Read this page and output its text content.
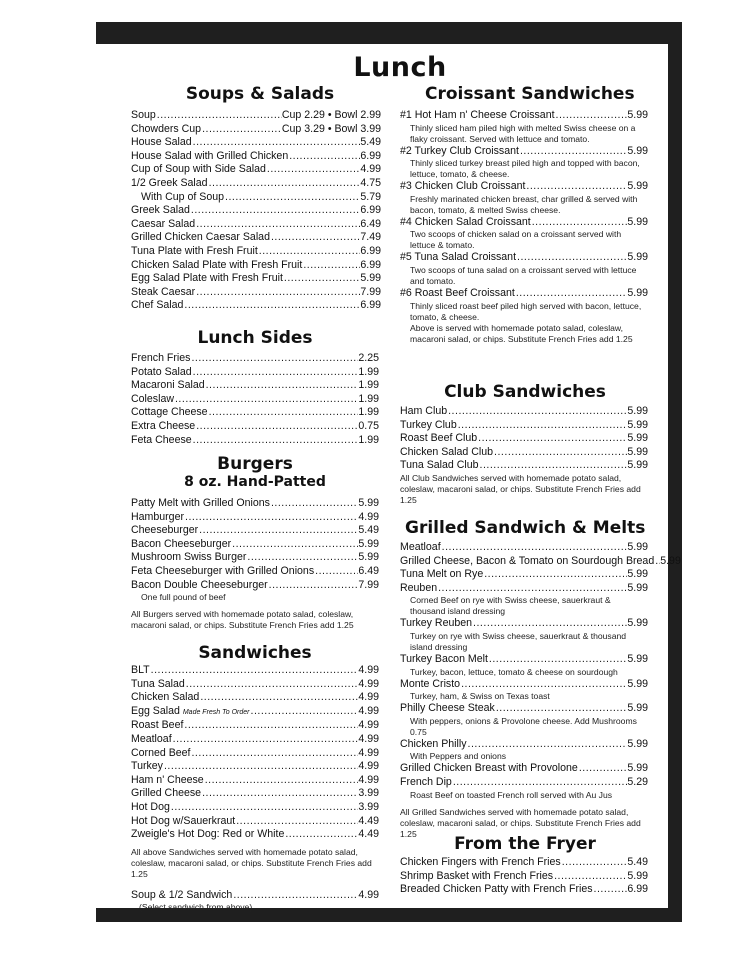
Lunch
Soups & Salads
Soup .....	Cup 2.29 • Bowl 2.99
Chowders Cup .....	Cup 3.29 • Bowl 3.99
House Salad .....	5.49
House Salad with Grilled Chicken .....	6.99
Cup of Soup with Side Salad .....	4.99
1/2 Greek Salad .....	4.75
With Cup of Soup .....	5.79
Greek Salad .....	6.99
Caesar Salad .....	6.49
Grilled Chicken Caesar Salad .....	7.49
Tuna Plate with Fresh Fruit .....	6.99
Chicken Salad Plate with Fresh Fruit .....	6.99
Egg Salad Plate with Fresh Fruit .....	5.99
Steak Caesar .....	7.99
Chef Salad .....	6.99
Lunch Sides
French Fries .....	2.25
Potato Salad .....	1.99
Macaroni Salad .....	1.99
Coleslaw .....	1.99
Cottage Cheese .....	1.99
Extra Cheese .....	0.75
Feta Cheese .....	1.99
Burgers
8 oz. Hand-Patted
Patty Melt with Grilled Onions .....	5.99
Hamburger .....	4.99
Cheeseburger .....	5.49
Bacon Cheeseburger .....	5.99
Mushroom Swiss Burger .....	5.99
Feta Cheeseburger with Grilled Onions .....	6.49
Bacon Double Cheeseburger .....	7.99
One full pound of beef
All Burgers served with homemade potato salad, coleslaw, macaroni salad, or chips. Substitute French Fries add 1.25
Sandwiches
BLT .....	4.99
Tuna Salad .....	4.99
Chicken Salad .....	4.99
Egg Salad Made Fresh To Order .....	4.99
Roast Beef .....	4.99
Meatloaf .....	4.99
Corned Beef .....	4.99
Turkey .....	4.99
Ham n' Cheese .....	4.99
Grilled Cheese .....	3.99
Hot Dog .....	3.99
Hot Dog w/Sauerkraut .....	4.49
Zweigle's Hot Dog: Red or White .....	4.49
All above Sandwiches served with homemade potato salad, coleslaw, macaroni salad, or chips. Substitute French Fries add 1.25
Soup & 1/2 Sandwich .....	4.99
(Select sandwich from above)
Croissant Sandwiches
#1 Hot Ham n' Cheese Croissant .....	5.99
Thinly sliced ham piled high with melted Swiss cheese on a flaky croissant. Served with lettuce and tomato.
#2 Turkey Club Croissant .....	5.99
Thinly sliced turkey breast piled high and topped with bacon, lettuce, tomato, & cheese.
#3 Chicken Club Croissant .....	5.99
Freshly marinated chicken breast, char grilled & served with bacon, tomato, & melted Swiss cheese.
#4 Chicken Salad Croissant .....	5.99
Two scoops of chicken salad on a croissant served with lettuce & tomato.
#5 Tuna Salad Croissant .....	5.99
Two scoops of tuna salad on a croissant served with lettuce and tomato.
#6 Roast Beef Croissant .....	5.99
Thinly sliced roast beef piled high served with bacon, lettuce, tomato, & cheese.
Above is served with homemade potato salad, coleslaw, macaroni salad, or chips. Substitute French Fries add 1.25
Club Sandwiches
Ham Club .....	5.99
Turkey Club .....	5.99
Roast Beef Club .....	5.99
Chicken Salad Club .....	5.99
Tuna Salad Club .....	5.99
All Club Sandwiches served with homemade potato salad, coleslaw, macaroni salad, or chips. Substitute French Fries add 1.25
Grilled Sandwich & Melts
Meatloaf .....	5.99
Grilled Cheese, Bacon & Tomato on Sourdough Bread ..... 5.99
Tuna Melt on Rye .....	5.99
Reuben .....	5.99
Corned Beef on rye with Swiss cheese, sauerkraut & thousand island dressing
Turkey Reuben .....	5.99
Turkey on rye with Swiss cheese, sauerkraut & thousand island dressing
Turkey Bacon Melt .....	5.99
Turkey, bacon, lettuce, tomato & cheese on sourdough
Monte Cristo .....	5.99
Turkey, ham, & Swiss on Texas toast
Philly Cheese Steak .....	5.99
With peppers, onions & Provolone cheese. Add Mushrooms 0.75
Chicken Philly .....	5.99
With Peppers and onions
Grilled Chicken Breast with Provolone .....	5.99
French Dip .....	5.29
Roast Beef on toasted French roll served with Au Jus
All Grilled Sandwiches served with homemade potato salad, coleslaw, macaroni salad, or chips. Substitute French Fries add 1.25
From the Fryer
Chicken Fingers with French Fries .....	5.49
Shrimp Basket with French Fries .....	5.99
Breaded Chicken Patty with French Fries .....	6.99
